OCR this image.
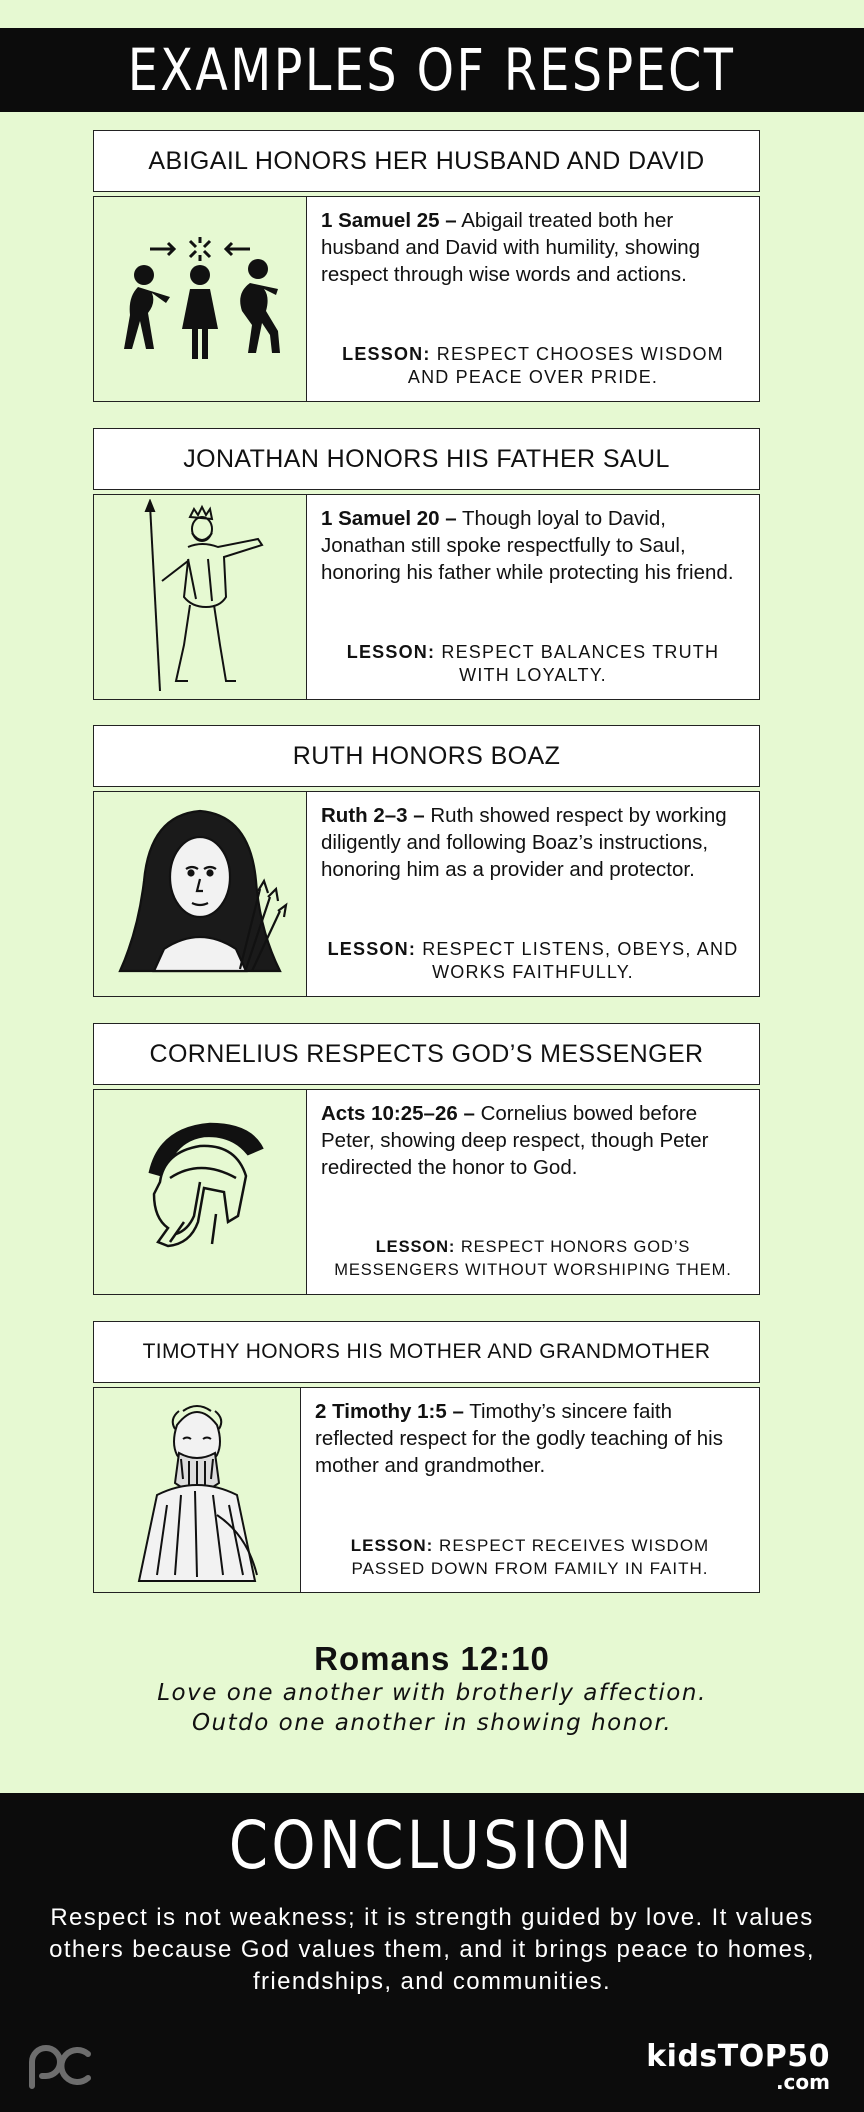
EXAMPLES OF RESPECT
ABIGAIL HONORS HER HUSBAND AND DAVID
1 Samuel 25 – Abigail treated both her husband and David with humility, showing respect through wise words and actions.
LESSON: RESPECT CHOOSES WISDOM AND PEACE OVER PRIDE.
JONATHAN HONORS HIS FATHER SAUL
1 Samuel 20 – Though loyal to David, Jonathan still spoke respectfully to Saul, honoring his father while protecting his friend.
LESSON: RESPECT BALANCES TRUTH WITH LOYALTY.
RUTH HONORS BOAZ
Ruth 2–3 – Ruth showed respect by working diligently and following Boaz’s instructions, honoring him as a provider and protector.
LESSON: RESPECT LISTENS, OBEYS, AND WORKS FAITHFULLY.
CORNELIUS RESPECTS GOD’S MESSENGER
Acts 10:25–26 – Cornelius bowed before Peter, showing deep respect, though Peter redirected the honor to God.
LESSON: RESPECT HONORS GOD’S MESSENGERS WITHOUT WORSHIPING THEM.
TIMOTHY HONORS HIS MOTHER AND GRANDMOTHER
2 Timothy 1:5 – Timothy’s sincere faith reflected respect for the godly teaching of his mother and grandmother.
LESSON: RESPECT RECEIVES WISDOM PASSED DOWN FROM FAMILY IN FAITH.
Romans 12:10
Love one another with brotherly affection.
Outdo one another in showing honor.
CONCLUSION

Respect is not weakness; it is strength guided by love. It values others because God values them, and it brings peace to homes, friendships, and communities.

kidsTOP50
.com
